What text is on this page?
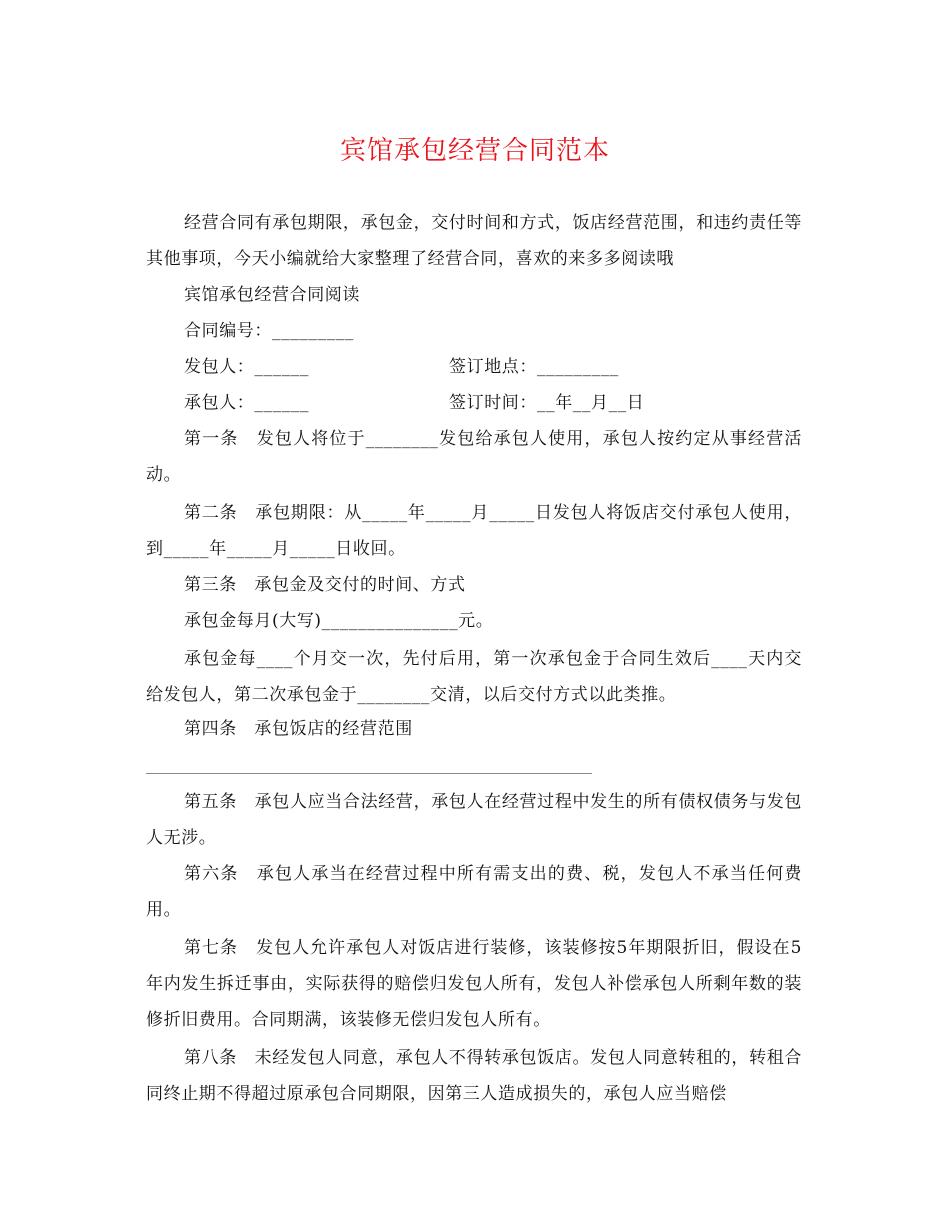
宾馆承包经营合同范本
经营合同有承包期限，承包金，交付时间和方式，饭店经营范围，和违约责任等其他事项，今天小编就给大家整理了经营合同，喜欢的来多多阅读哦
宾馆承包经营合同阅读
合同编号：_________
发包人：______	签订地点：_________
承包人：______	签订时间：__年__月__日
第一条　发包人将位于________发包给承包人使用，承包人按约定从事经营活动。
第二条　承包期限：从_____年_____月_____日发包人将饭店交付承包人使用，到_____年_____月_____日收回。
第三条　承包金及交付的时间、方式
承包金每月(大写)_______________元。
承包金每____个月交一次，先付后用，第一次承包金于合同生效后____天内交给发包人，第二次承包金于________交清，以后交付方式以此类推。
第四条　承包饭店的经营范围
第五条　承包人应当合法经营，承包人在经营过程中发生的所有债权债务与发包人无涉。
第六条　承包人承当在经营过程中所有需支出的费、税，发包人不承当任何费用。
第七条　发包人允许承包人对饭店进行装修，该装修按5年期限折旧，假设在5年内发生拆迁事由，实际获得的赔偿归发包人所有，发包人补偿承包人所剩年数的装修折旧费用。合同期满，该装修无偿归发包人所有。
第八条　未经发包人同意，承包人不得转承包饭店。发包人同意转租的，转租合同终止期不得超过原承包合同期限，因第三人造成损失的，承包人应当赔偿
